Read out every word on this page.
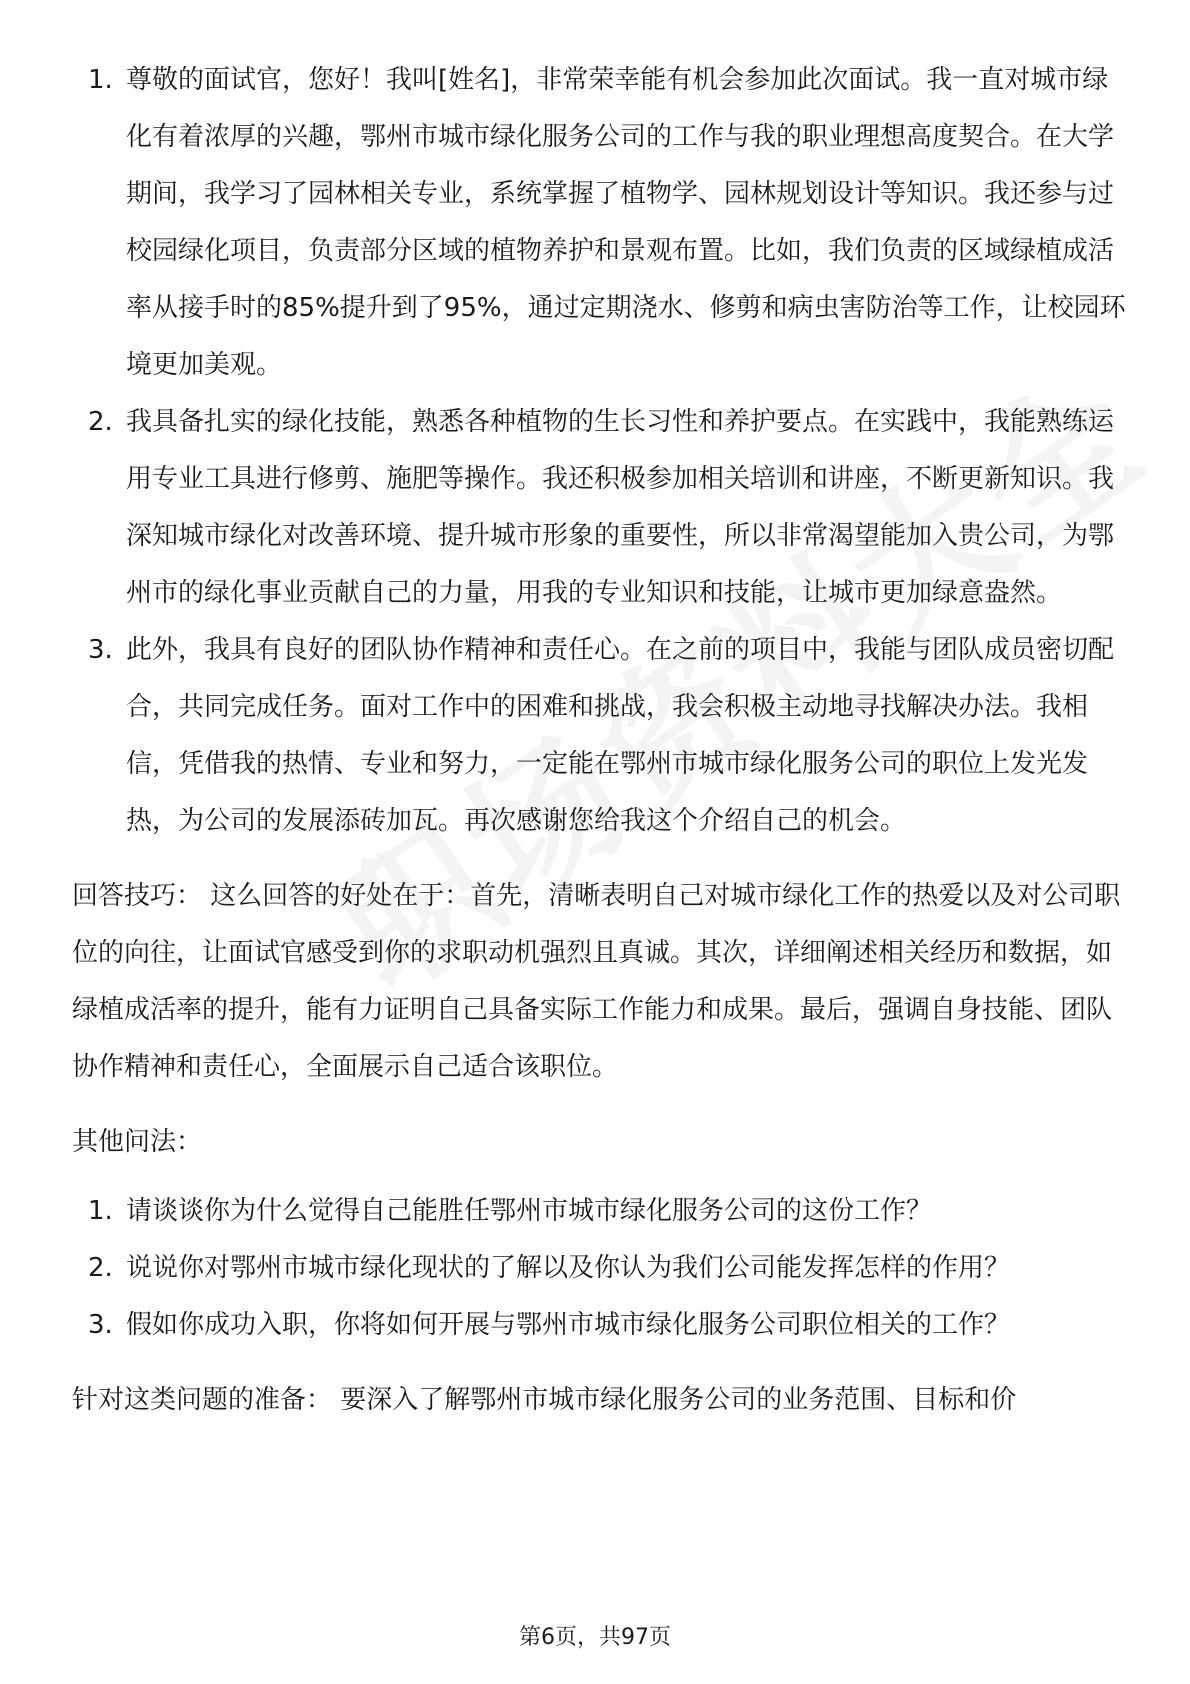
1. 尊敬的面试官，您好！我叫[姓名]，非常荣幸能有机会参加此次面试。我一直对城市绿化有着浓厚的兴趣，鄂州市城市绿化服务公司的工作与我的职业理想高度契合。在大学期间，我学习了园林相关专业，系统掌握了植物学、园林规划设计等知识。我还参与过校园绿化项目，负责部分区域的植物养护和景观布置。比如，我们负责的区域绿植成活率从接手时的85%提升到了95%，通过定期浇水、修剪和病虫害防治等工作，让校园环境更加美观。
2. 我具备扎实的绿化技能，熟悉各种植物的生长习性和养护要点。在实践中，我能熟练运用专业工具进行修剪、施肥等操作。我还积极参加相关培训和讲座，不断更新知识。我深知城市绿化对改善环境、提升城市形象的重要性，所以非常渴望能加入贵公司，为鄂州市的绿化事业贡献自己的力量，用我的专业知识和技能，让城市更加绿意盎然。
3. 此外，我具有良好的团队协作精神和责任心。在之前的项目中，我能与团队成员密切配合，共同完成任务。面对工作中的困难和挑战，我会积极主动地寻找解决办法。我相信，凭借我的热情、专业和努力，一定能在鄂州市城市绿化服务公司的职位上发光发热，为公司的发展添砖加瓦。再次感谢您给我这个介绍自己的机会。

回答技巧： 这么回答的好处在于：首先，清晰表明自己对城市绿化工作的热爱以及对公司职位的向往，让面试官感受到你的求职动机强烈且真诚。其次，详细阐述相关经历和数据，如绿植成活率的提升，能有力证明自己具备实际工作能力和成果。最后，强调自身技能、团队协作精神和责任心，全面展示自己适合该职位。

其他问法：

1. 请谈谈你为什么觉得自己能胜任鄂州市城市绿化服务公司的这份工作？
2. 说说你对鄂州市城市绿化现状的了解以及你认为我们公司能发挥怎样的作用？
3. 假如你成功入职，你将如何开展与鄂州市城市绿化服务公司职位相关的工作？

针对这类问题的准备： 要深入了解鄂州市城市绿化服务公司的业务范围、目标和价

第6页，共97页
